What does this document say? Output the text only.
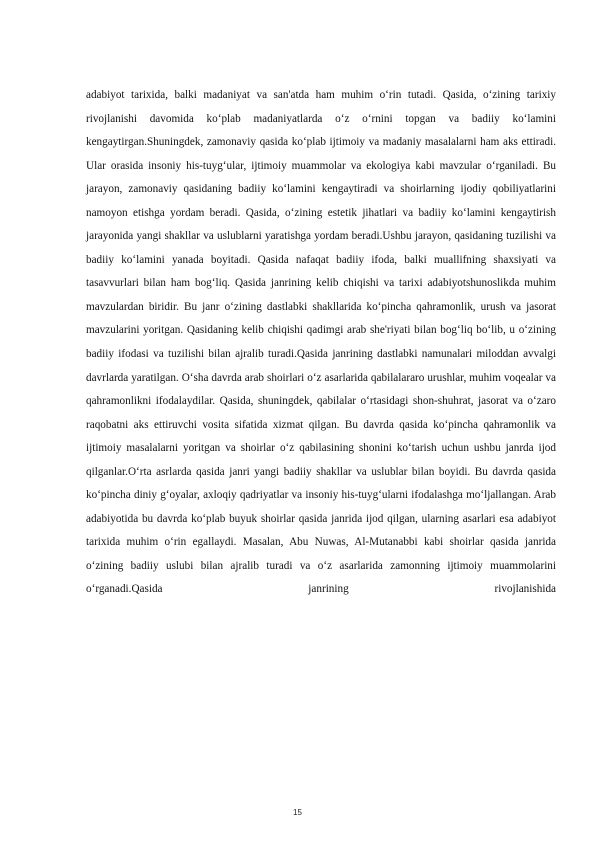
adabiyot tarixida, balki madaniyat va san'atda ham muhim o‘rin tutadi. Qasida, o‘zining tarixiy rivojlanishi davomida ko‘plab madaniyatlarda o‘z o‘rnini topgan va badiiy ko‘lamini kengaytirgan.Shuningdek, zamonaviy qasida ko‘plab ijtimoiy va madaniy masalalarni ham aks ettiradi. Ular orasida insoniy his-tuyg‘ular, ijtimoiy muammolar va ekologiya kabi mavzular o‘rganiladi. Bu jarayon, zamonaviy qasidaning badiiy ko‘lamini kengaytiradi va shoirlarning ijodiy qobiliyatlarini namoyon etishga yordam beradi. Qasida, o‘zining estetik jihatlari va badiiy ko‘lamini kengaytirish jarayonida yangi shakllar va uslublarni yaratishga yordam beradi.Ushbu jarayon, qasidaning tuzilishi va badiiy ko‘lamini yanada boyitadi. Qasida nafaqat badiiy ifoda, balki muallifning shaxsiyati va tasavvurlari bilan ham bog‘liq. Qasida janrining kelib chiqishi va tarixi adabiyotshunoslikda muhim mavzulardan biridir. Bu janr o‘zining dastlabki shakllarida ko‘pincha qahramonlik, urush va jasorat mavzularini yoritgan. Qasidaning kelib chiqishi qadimgi arab she'riyati bilan bog‘liq bo‘lib, u o‘zining badiiy ifodasi va tuzilishi bilan ajralib turadi.Qasida janrining dastlabki namunalari miloddan avvalgi davrlarda yaratilgan. O‘sha davrda arab shoirlari o‘z asarlarida qabilalararo urushlar, muhim voqealar va qahramonlikni ifodalaydilar. Qasida, shuningdek, qabilalar o‘rtasidagi shon-shuhrat, jasorat va o‘zaro raqobatni aks ettiruvchi vosita sifatida xizmat qilgan. Bu davrda qasida ko‘pincha qahramonlik va ijtimoiy masalalarni yoritgan va shoirlar o‘z qabilasining shonini ko‘tarish uchun ushbu janrda ijod qilganlar.O‘rta asrlarda qasida janri yangi badiiy shakllar va uslublar bilan boyidi. Bu davrda qasida ko‘pincha diniy g‘oyalar, axloqiy qadriyatlar va insoniy his-tuyg‘ularni ifodalashga mo‘ljallangan. Arab adabiyotida bu davrda ko‘plab buyuk shoirlar qasida janrida ijod qilgan, ularning asarlari esa adabiyot tarixida muhim o‘rin egallaydi. Masalan, Abu Nuwas, Al-Mutanabbi kabi shoirlar qasida janrida o‘zining badiiy uslubi bilan ajralib turadi va o‘z asarlarida zamonning ijtimoiy muammolarini o‘rganadi.Qasida janrining rivojlanishida

15
